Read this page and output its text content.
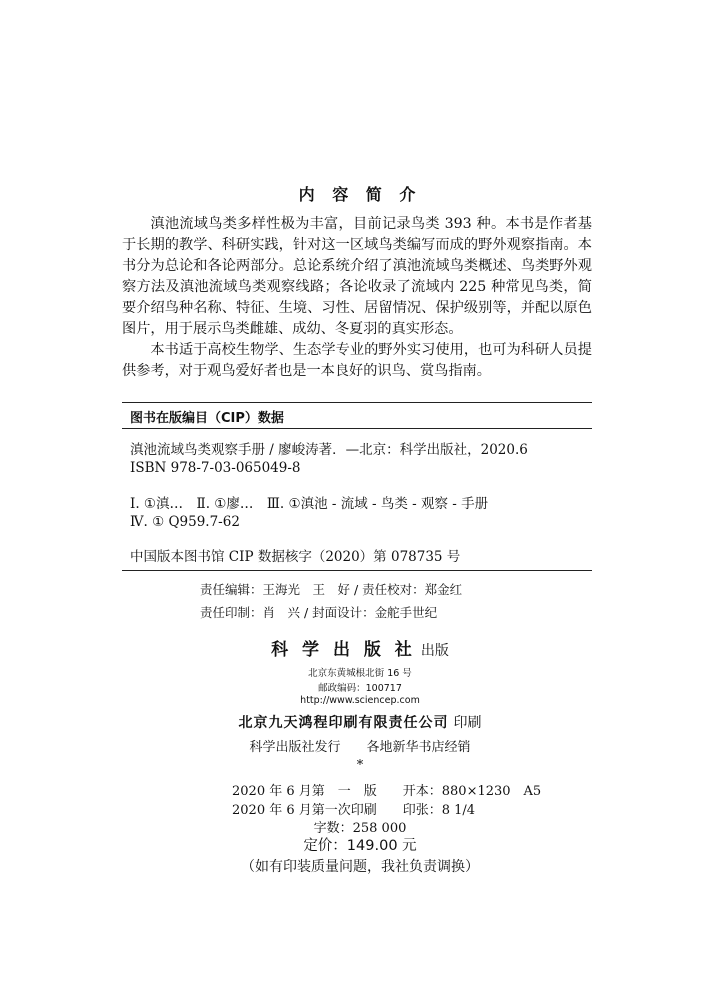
内 容 简 介

滇池流域鸟类多样性极为丰富，目前记录鸟类 393 种。本书是作者基于长期的教学、科研实践，针对这一区域鸟类编写而成的野外观察指南。本书分为总论和各论两部分。总论系统介绍了滇池流域鸟类概述、鸟类野外观察方法及滇池流域鸟类观察线路；各论收录了流域内 225 种常见鸟类，简要介绍鸟种名称、特征、生境、习性、居留情况、保护级别等，并配以原色图片，用于展示鸟类雌雄、成幼、冬夏羽的真实形态。

本书适于高校生物学、生态学专业的野外实习使用，也可为科研人员提供参考，对于观鸟爱好者也是一本良好的识鸟、赏鸟指南。

图书在版编目（CIP）数据
滇池流域鸟类观察手册 / 廖峻涛著．—北京：科学出版社，2020.6
ISBN 978-7-03-065049-8
Ⅰ. ①滇…　Ⅱ. ①廖…　Ⅲ. ①滇池 - 流域 - 鸟类 - 观察 - 手册
Ⅳ. ① Q959.7-62
中国版本图书馆 CIP 数据核字（2020）第 078735 号
责任编辑：王海光　王　好 / 责任校对：郑金红
责任印制：肖　兴 / 封面设计：金舵手世纪
科 学 出 版 社 出版
北京东黄城根北街 16 号
邮政编码：100717
http://www.sciencep.com
北京九天鸿程印刷有限责任公司 印刷
科学出版社发行　　各地新华书店经销
*
2020 年 6 月第　一　版　　开本：880×1230　A5
2020 年 6 月第一次印刷　　印张：8 1/4
字数：258 000
定价：149.00 元
（如有印装质量问题，我社负责调换）
